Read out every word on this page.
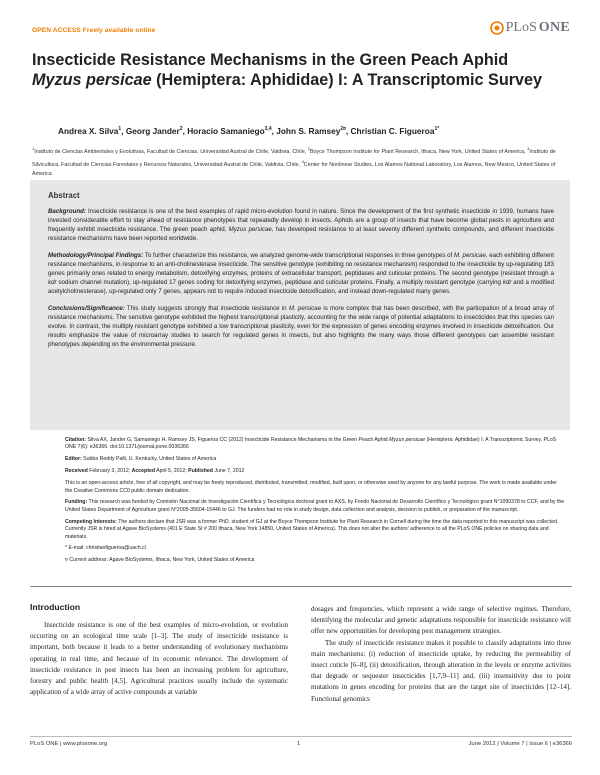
OPEN ACCESS Freely available online	PLoS ONE
Insecticide Resistance Mechanisms in the Green Peach Aphid Myzus persicae (Hemiptera: Aphididae) I: A Transcriptomic Survey
Andrea X. Silva$^1$, Georg Jander$^2$, Horacio Samaniego$^{3,4}$, John S. Ramsey$^{2¤}$, Christian C. Figueroa$^{1*}$
$^1$Instituto de Ciencias Ambientales y Evolutivas, Facultad de Ciencias, Universidad Austral de Chile, Valdivia, Chile, $^2$Boyce Thompson Institute for Plant Research, Ithaca, New York, United States of America, $^3$Instituto de Silvicultura, Facultad de Ciencias Forestales y Recursos Naturales, Universidad Austral de Chile, Valdivia, Chile, $^4$Center for Nonlinear Studies, Los Alamos National Laboratory, Los Alamos, New Mexico, United States of America
Abstract

Background: Insecticide resistance is one of the best examples of rapid micro-evolution found in nature. Since the development of the first synthetic insecticide in 1939, humans have invested considerable effort to stay ahead of resistance phenotypes that repeatedly develop in insects. Aphids are a group of insects that have become global pests in agriculture and frequently exhibit insecticide resistance. The green peach aphid, Myzus persicae, has developed resistance to at least seventy different synthetic compounds, and different insecticide resistance mechanisms have been reported worldwide.

Methodology/Principal Findings: To further characterize this resistance, we analyzed genome-wide transcriptional responses in three genotypes of M. persicae, each exhibiting different resistance mechanisms, in response to an anti-cholinesterase insecticide. The sensitive genotype (exhibiting no resistance mechanism) responded to the insecticide by up-regulating 183 genes primarily ones related to energy metabolism, detoxifying enzymes, proteins of extracellular transport, peptidases and cuticular proteins. The second genotype (resistant through a kdr sodium channel mutation), up-regulated 17 genes coding for detoxifying enzymes, peptidase and cuticular proteins. Finally, a multiply resistant genotype (carrying kdr and a modified acetylcholinesterase), up-regulated only 7 genes, appears not to require induced insecticide detoxification, and instead down-regulated many genes.

Conclusions/Significance: This study suggests strongly that insecticide resistance in M. persicae is more complex that has been described, with the participation of a broad array of resistance mechanisms. The sensitive genotype exhibited the highest transcriptional plasticity, accounting for the wide range of potential adaptations to insecticides that this species can evolve. In contrast, the multiply resistant genotype exhibited a low transcriptional plasticity, even for the expression of genes encoding enzymes involved in insecticide detoxification. Our results emphasize the value of microarray studies to search for regulated genes in insects, but also highlights the many ways those different genotypes can assemble resistant phenotypes depending on the environmental pressure.

Citation: Silva AX, Jander G, Samaniego H, Ramsey JS, Figueroa CC (2012) Insecticide Resistance Mechanisms in the Green Peach Aphid Myzus persicae (Hemiptera: Aphididae) I: A Transcriptomic Survey. PLoS ONE 7(6): e36366. doi:10.1371/journal.pone.0036366

Editor: Subba Reddy Palli, U. Kentucky, United States of America

Received February 3, 2012; Accepted April 5, 2012; Published June 7, 2012

This is an open-access article, free of all copyright, and may be freely reproduced, distributed, transmitted, modified, built upon, or otherwise used by anyone for any lawful purpose. The work is made available under the Creative Commons CC0 public domain dedication.

Funding: This research was funded by Comisión Nacional de Investigación Científica y Tecnológica doctoral grant to AXS, by Fondo Nacional de Desarrollo Científico y Tecnológico grant N°1090378 to CCF, and by the United States Department of Agriculture grant N°2005-35604-15446 to GJ. The funders had no role in study design, data collection and analysis, decision to publish, or preparation of the manuscript.

Competing Interests: The authors declare that JSR was a former PhD. student of GJ at the Boyce Thompson Institute for Plant Research in Cornell during the time the data reported in this manuscript was collected. Currently JSR is hired at Agave BioSystems (401 E State St # 200 Ithaca, New York 14850, United States of America). This does not alter the authors' adherence to all the PLoS ONE policies on sharing data and materials.

* E-mail: christianfigueroa@uach.cl

¤ Current address: Agave BioSystems, Ithaca, New York, United States of America

Introduction

Insecticide resistance is one of the best examples of micro-evolution, or evolution occurring on an ecological time scale [1–3]. The study of insecticide resistance is important, both because it leads to a better understanding of evolutionary mechanisms operating in real time, and because of its economic relevance. The development of insecticide resistance in pest insects has been an increasing problem for agriculture, forestry and public health [4,5]. Agricultural practices usually include the systematic application of a wide array of active compounds at variable

dosages and frequencies, which represent a wide range of selective regimes. Therefore, identifying the molecular and genetic adaptations responsible for insecticide resistance will offer new opportunities for developing pest management strategies.

The study of insecticide resistance makes it possible to classify adaptations into three main mechanisms: (i) reduction of insecticide uptake, by reducing the permeability of insect cuticle [6–8], (ii) detoxification, through alteration in the levels or enzyme activities that degrade or sequester insecticides [1,7,9–11] and, (iii) insensitivity due to point mutations in genes encoding for proteins that are the target site of insecticides [12–14]. Functional genomics

PLoS ONE | www.plosone.org	1	June 2012 | Volume 7 | Issue 6 | e36366
